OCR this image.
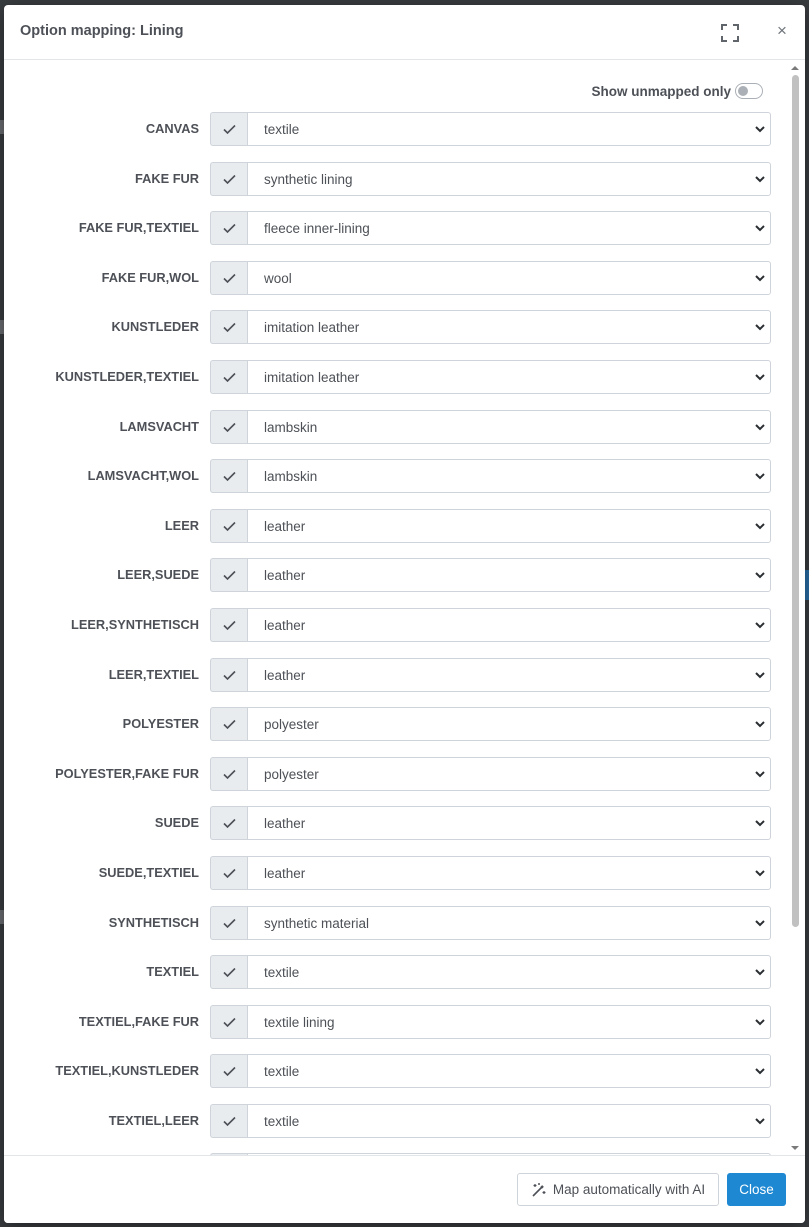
Option mapping: Lining	×
Show unmapped only
CANVAS	textile
FAKE FUR	synthetic lining
FAKE FUR,TEXTIEL	fleece inner-lining
FAKE FUR,WOL	wool
KUNSTLEDER	imitation leather
KUNSTLEDER,TEXTIEL	imitation leather
LAMSVACHT	lambskin
LAMSVACHT,WOL	lambskin
LEER	leather
LEER,SUEDE	leather
LEER,SYNTHETISCH	leather
LEER,TEXTIEL	leather
POLYESTER	polyester
POLYESTER,FAKE FUR	polyester
SUEDE	leather
SUEDE,TEXTIEL	leather
SYNTHETISCH	synthetic material
TEXTIEL	textile
TEXTIEL,FAKE FUR	textile lining
TEXTIEL,KUNSTLEDER	textile
TEXTIEL,LEER	textile
Map automatically with AI	Close
